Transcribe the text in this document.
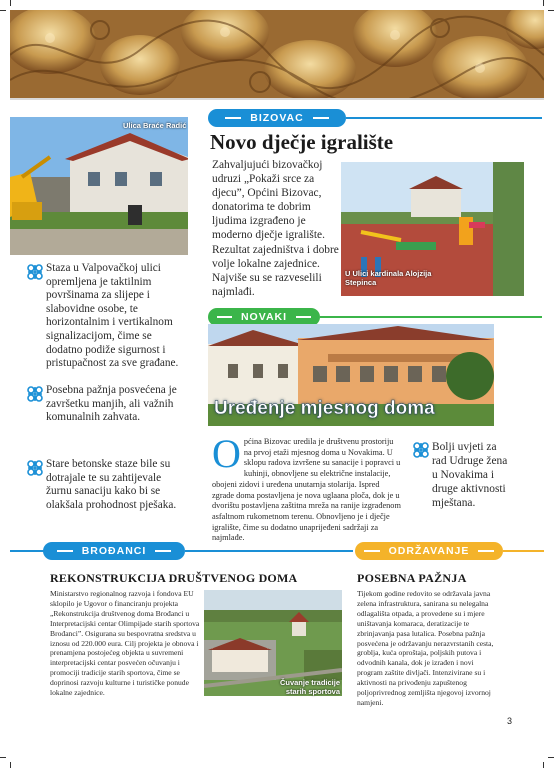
Ulica Braće Radić
Staza u Valpovačkoj ulici opremljena je taktilnim površinama za slijepe i slabovidne osobe, te horizontalnim i vertikalnom signalizacijom, čime se dodatno podiže sigurnost i pristupačnost za sve građane.
Posebna pažnja posvećena je završetku manjih, ali važnih komunalnih zahvata.
Stare betonske staze bile su dotrajale te su zahtijevale žurnu sanaciju kako bi se olakšala prohodnost pješaka.
BIZOVAC
Novo dječje igralište
Zahvaljujući bizovačkoj udruzi „Pokaži srce za djecu”, Općini Bizovac, donatorima te dobrim ljudima izgrađeno je moderno dječje igralište. Rezultat zajedništva i dobre volje lokalne zajednice. Najviše su se razveselili najmlađi.
U Ulici kardinala Alojzija Stepinca
NOVAKI
Uređenje mjesnog doma
Općina Bizovac uredila je društvenu prostoriju na prvoj etaži mjesnog doma u Novakima. U sklopu radova izvršene su sanacije i popravci u kuhinji, obnovljene su električne instalacije, obojeni zidovi i uređena unutarnja stolarija. Ispred zgrade doma postavljena je nova uglaana ploča, dok je u dvorištu postavljena zaštitna mreža na ranije izgrađenom asfaltnom rukometnom terenu. Obnovljeno je i dječje igralište, čime su dodatno unaprijeđeni sadržaji za najmlađe.
Bolji uvjeti za rad Udruge žena u Novakima i druge aktivnosti mještana.
BROĐANCI
REKONSTRUKCIJA DRUŠTVENOG DOMA
Ministarstvo regionalnog razvoja i fondova EU sklopilo je Ugovor o financiranju projekta „Rekonstrukcija društvenog doma Brođanci u Interpretacijski centar Olimpijade starih sportova Brođanci”. Osigurana su bespovratna sredstva u iznosu od 220.000 eura. Cilj projekta je obnova i prenamjena postojećeg objekta u suvremeni interpretacijski centar posvećen očuvanju i promociji tradicije starih sportova, čime se doprinosi razvoju kulturne i turističke ponude lokalne zajednice.
Čuvanje tradicije starih sportova
ODRŽAVANJE
POSEBNA PAŽNJA
Tijekom godine redovito se održavala javna zelena infrastruktura, sanirana su nelegalna odlagališta otpada, a provedene su i mjere uništavanja komaraca, deratizacije te zbrinjavanja pasa lutalica. Posebna pažnja posvećena je održavanju nerazvrstanih cesta, groblja, kuća oproštaja, poljskih putova i odvodnih kanala, dok je izrađen i novi program zaštite divljači. Intenzivirane su i aktivnosti na privođenju zapuštenog poljoprivrednog zemljišta njegovoj izvornoj namjeni.
3
